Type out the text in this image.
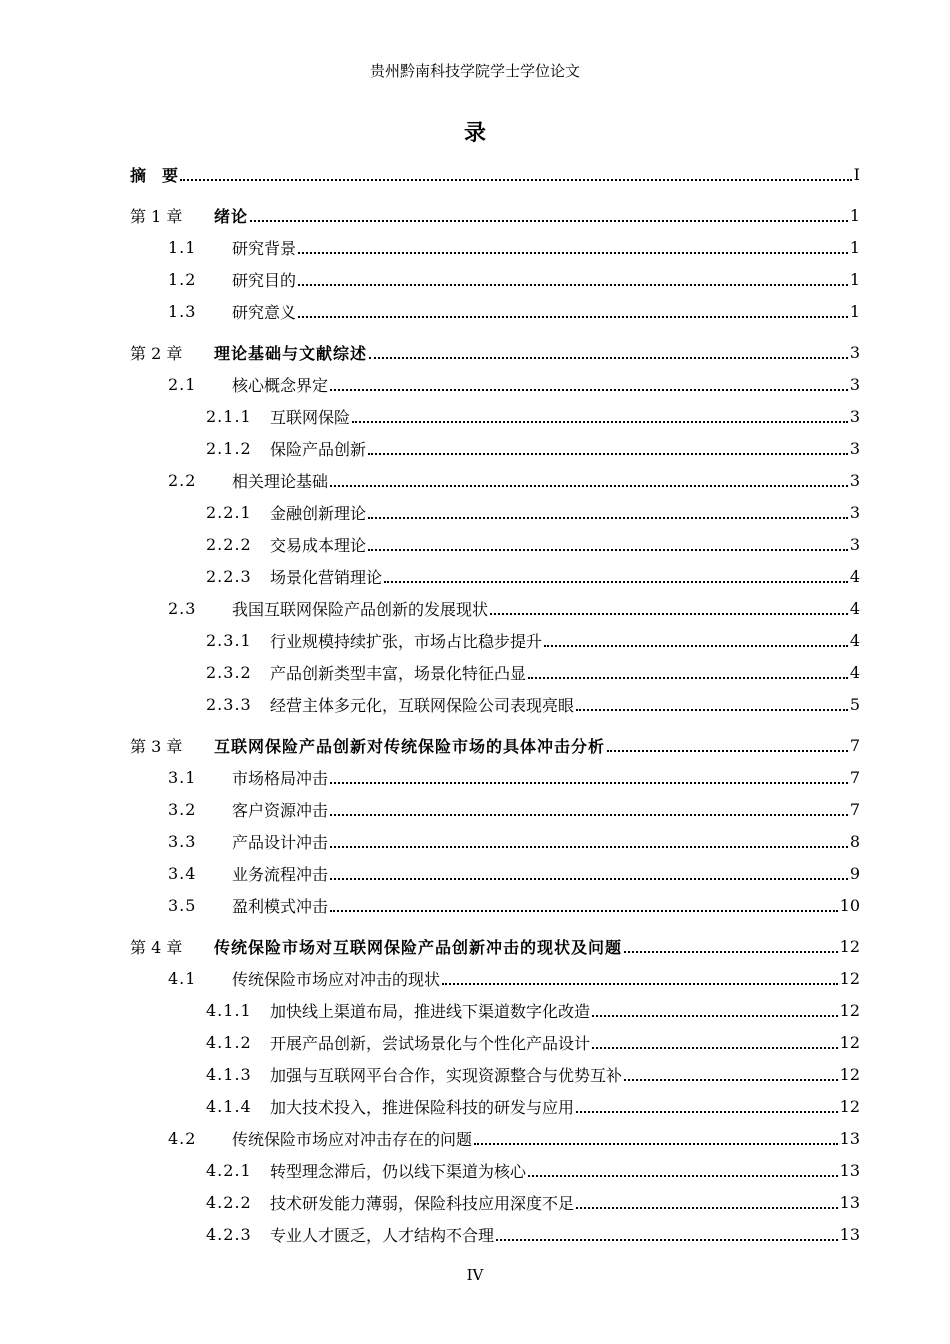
贵州黔南科技学院学士学位论文
录
摘　要	I
第 1 章	绪论	1
1.1	研究背景	1
1.2	研究目的	1
1.3	研究意义	1
第 2 章	理论基础与文献综述	3
2.1	核心概念界定	3
2.1.1	互联网保险	3
2.1.2	保险产品创新	3
2.2	相关理论基础	3
2.2.1	金融创新理论	3
2.2.2	交易成本理论	3
2.2.3	场景化营销理论	4
2.3	我国互联网保险产品创新的发展现状	4
2.3.1	行业规模持续扩张，市场占比稳步提升	4
2.3.2	产品创新类型丰富，场景化特征凸显	4
2.3.3	经营主体多元化，互联网保险公司表现亮眼	5
第 3 章	互联网保险产品创新对传统保险市场的具体冲击分析	7
3.1	市场格局冲击	7
3.2	客户资源冲击	7
3.3	产品设计冲击	8
3.4	业务流程冲击	9
3.5	盈利模式冲击	10
第 4 章	传统保险市场对互联网保险产品创新冲击的现状及问题	12
4.1	传统保险市场应对冲击的现状	12
4.1.1	加快线上渠道布局，推进线下渠道数字化改造	12
4.1.2	开展产品创新，尝试场景化与个性化产品设计	12
4.1.3	加强与互联网平台合作，实现资源整合与优势互补	12
4.1.4	加大技术投入，推进保险科技的研发与应用	12
4.2	传统保险市场应对冲击存在的问题	13
4.2.1	转型理念滞后，仍以线下渠道为核心	13
4.2.2	技术研发能力薄弱，保险科技应用深度不足	13
4.2.3	专业人才匮乏，人才结构不合理	13
IV
